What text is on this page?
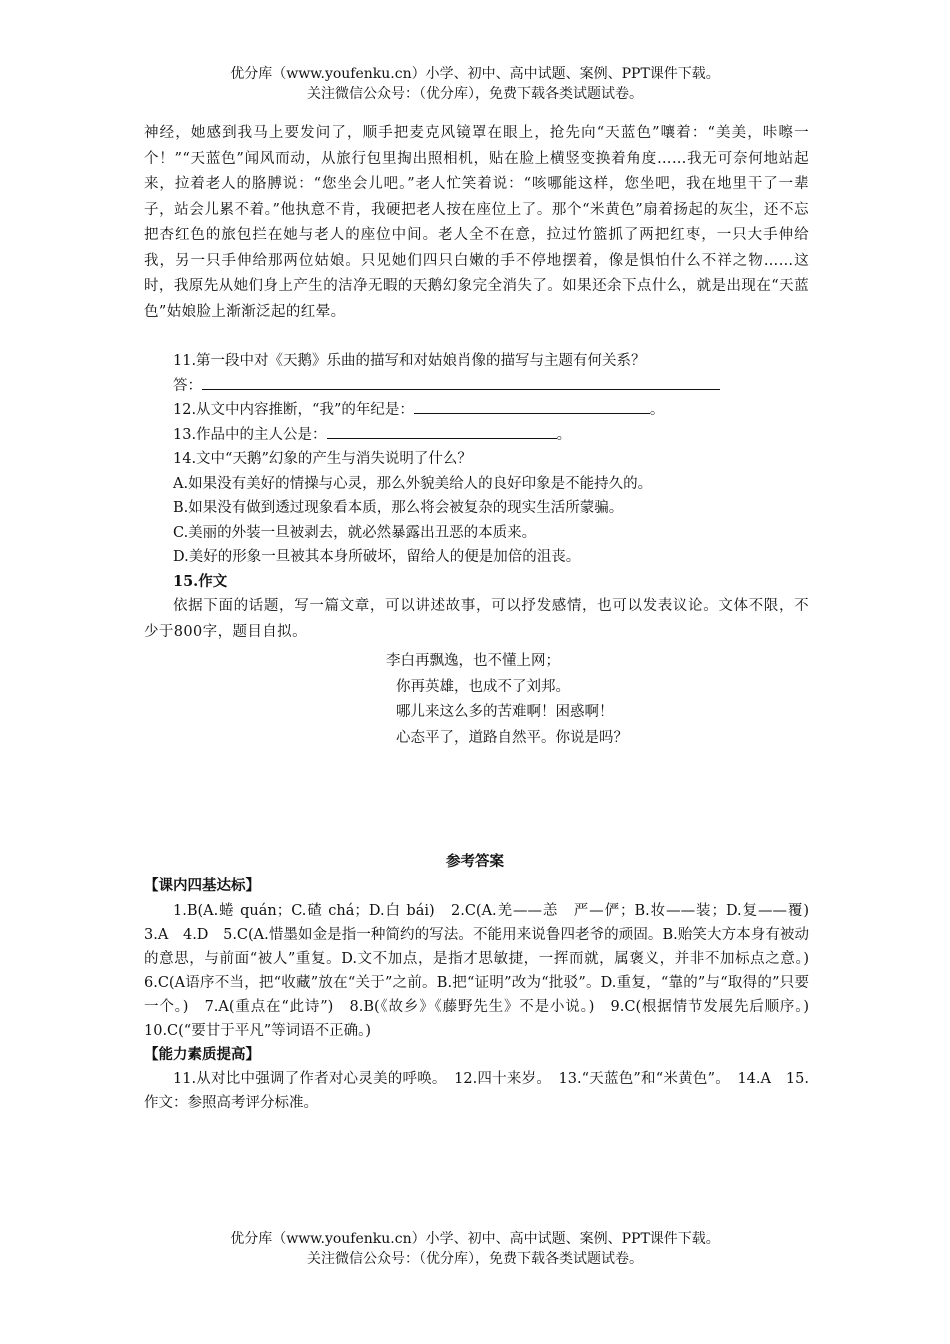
优分库（www.youfenku.cn）小学、初中、高中试题、案例、PPT课件下载。
关注微信公众号：（优分库），免费下载各类试题试卷。

神经，她感到我马上要发问了，顺手把麦克风镜罩在眼上，抢先向“天蓝色”嚷着：“美美，咔嚓一个！”“天蓝色”闻风而动，从旅行包里掏出照相机，贴在脸上横竖变换着角度……我无可奈何地站起来，拉着老人的胳膊说：“您坐会儿吧。”老人忙笑着说：“咳哪能这样，您坐吧，我在地里干了一辈子，站会儿累不着。”他执意不肯，我硬把老人按在座位上了。那个“米黄色”扇着扬起的灰尘，还不忘把杏红色的旅包拦在她与老人的座位中间。老人全不在意，拉过竹篮抓了两把红枣，一只大手伸给我，另一只手伸给那两位姑娘。只见她们四只白嫩的手不停地摆着，像是惧怕什么不祥之物……这时，我原先从她们身上产生的洁净无暇的天鹅幻象完全消失了。如果还余下点什么，就是出现在“天蓝色”姑娘脸上渐渐泛起的红晕。

11.第一段中对《天鹅》乐曲的描写和对姑娘肖像的描写与主题有何关系？
答：
12.从文中内容推断，“我”的年纪是：	。
13.作品中的主人公是：	。
14.文中“天鹅”幻象的产生与消失说明了什么？
A.如果没有美好的情操与心灵，那么外貌美给人的良好印象是不能持久的。
B.如果没有做到透过现象看本质，那么将会被复杂的现实生活所蒙骗。
C.美丽的外装一旦被剥去，就必然暴露出丑恶的本质来。
D.美好的形象一旦被其本身所破坏，留给人的便是加倍的沮丧。
15.作文

依据下面的话题，写一篇文章，可以讲述故事，可以抒发感情，也可以发表议论。文体不限，不少于800字，题目自拟。

李白再飘逸，也不懂上网；
你再英雄，也成不了刘邦。
哪儿来这么多的苦难啊！困惑啊！
心态平了，道路自然平。你说是吗？
参考答案
【课内四基达标】

1.B(A.蜷 quán；C.碴 chá；D.白 bái)　2.C(A.羌——恙　严—俨；B.妆——装；D.复——覆)　3.A　4.D　5.C(A.惜墨如金是指一种简约的写法。不能用来说鲁四老爷的顽固。B.贻笑大方本身有被动的意思，与前面“被人”重复。D.文不加点，是指才思敏捷，一挥而就，属褒义，并非不加标点之意。)　6.C(A语序不当，把“收藏”放在“关于”之前。B.把“证明”改为“批驳”。D.重复，“靠的”与“取得的”只要一个。)　7.A(重点在“此诗”)　8.B(《故乡》《藤野先生》不是小说。)　9.C(根据情节发展先后顺序。)　10.C(“要甘于平凡”等词语不正确。)

【能力素质提高】

11.从对比中强调了作者对心灵美的呼唤。　12.四十来岁。　13.“天蓝色”和“米黄色”。　14.A　15.作文：参照高考评分标准。

优分库（www.youfenku.cn）小学、初中、高中试题、案例、PPT课件下载。
关注微信公众号：（优分库），免费下载各类试题试卷。
